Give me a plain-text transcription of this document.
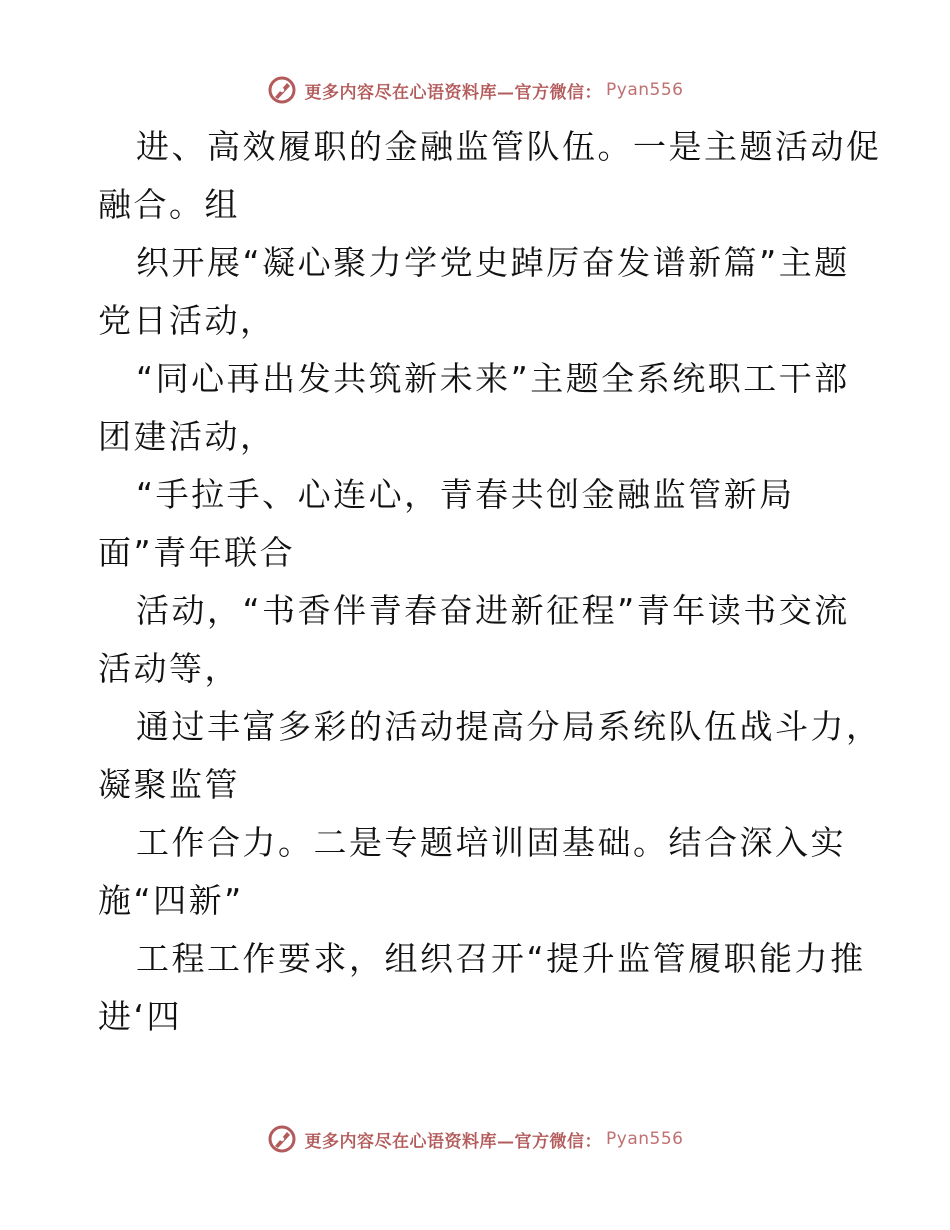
更多内容尽在心语资料库—官方微信： Pyan556
进、高效履职的金融监管队伍。一是主题活动促
融合。组
织开展“凝心聚力学党史踔厉奋发谱新篇”主题
党日活动，
“同心再出发共筑新未来”主题全系统职工干部
团建活动，
“手拉手、心连心，青春共创金融监管新局
面”青年联合
活动，“书香伴青春奋进新征程”青年读书交流
活动等，
通过丰富多彩的活动提高分局系统队伍战斗力，
凝聚监管
工作合力。二是专题培训固基础。结合深入实
施“四新”
工程工作要求，组织召开“提升监管履职能力推
进‘四
更多内容尽在心语资料库—官方微信： Pyan556
